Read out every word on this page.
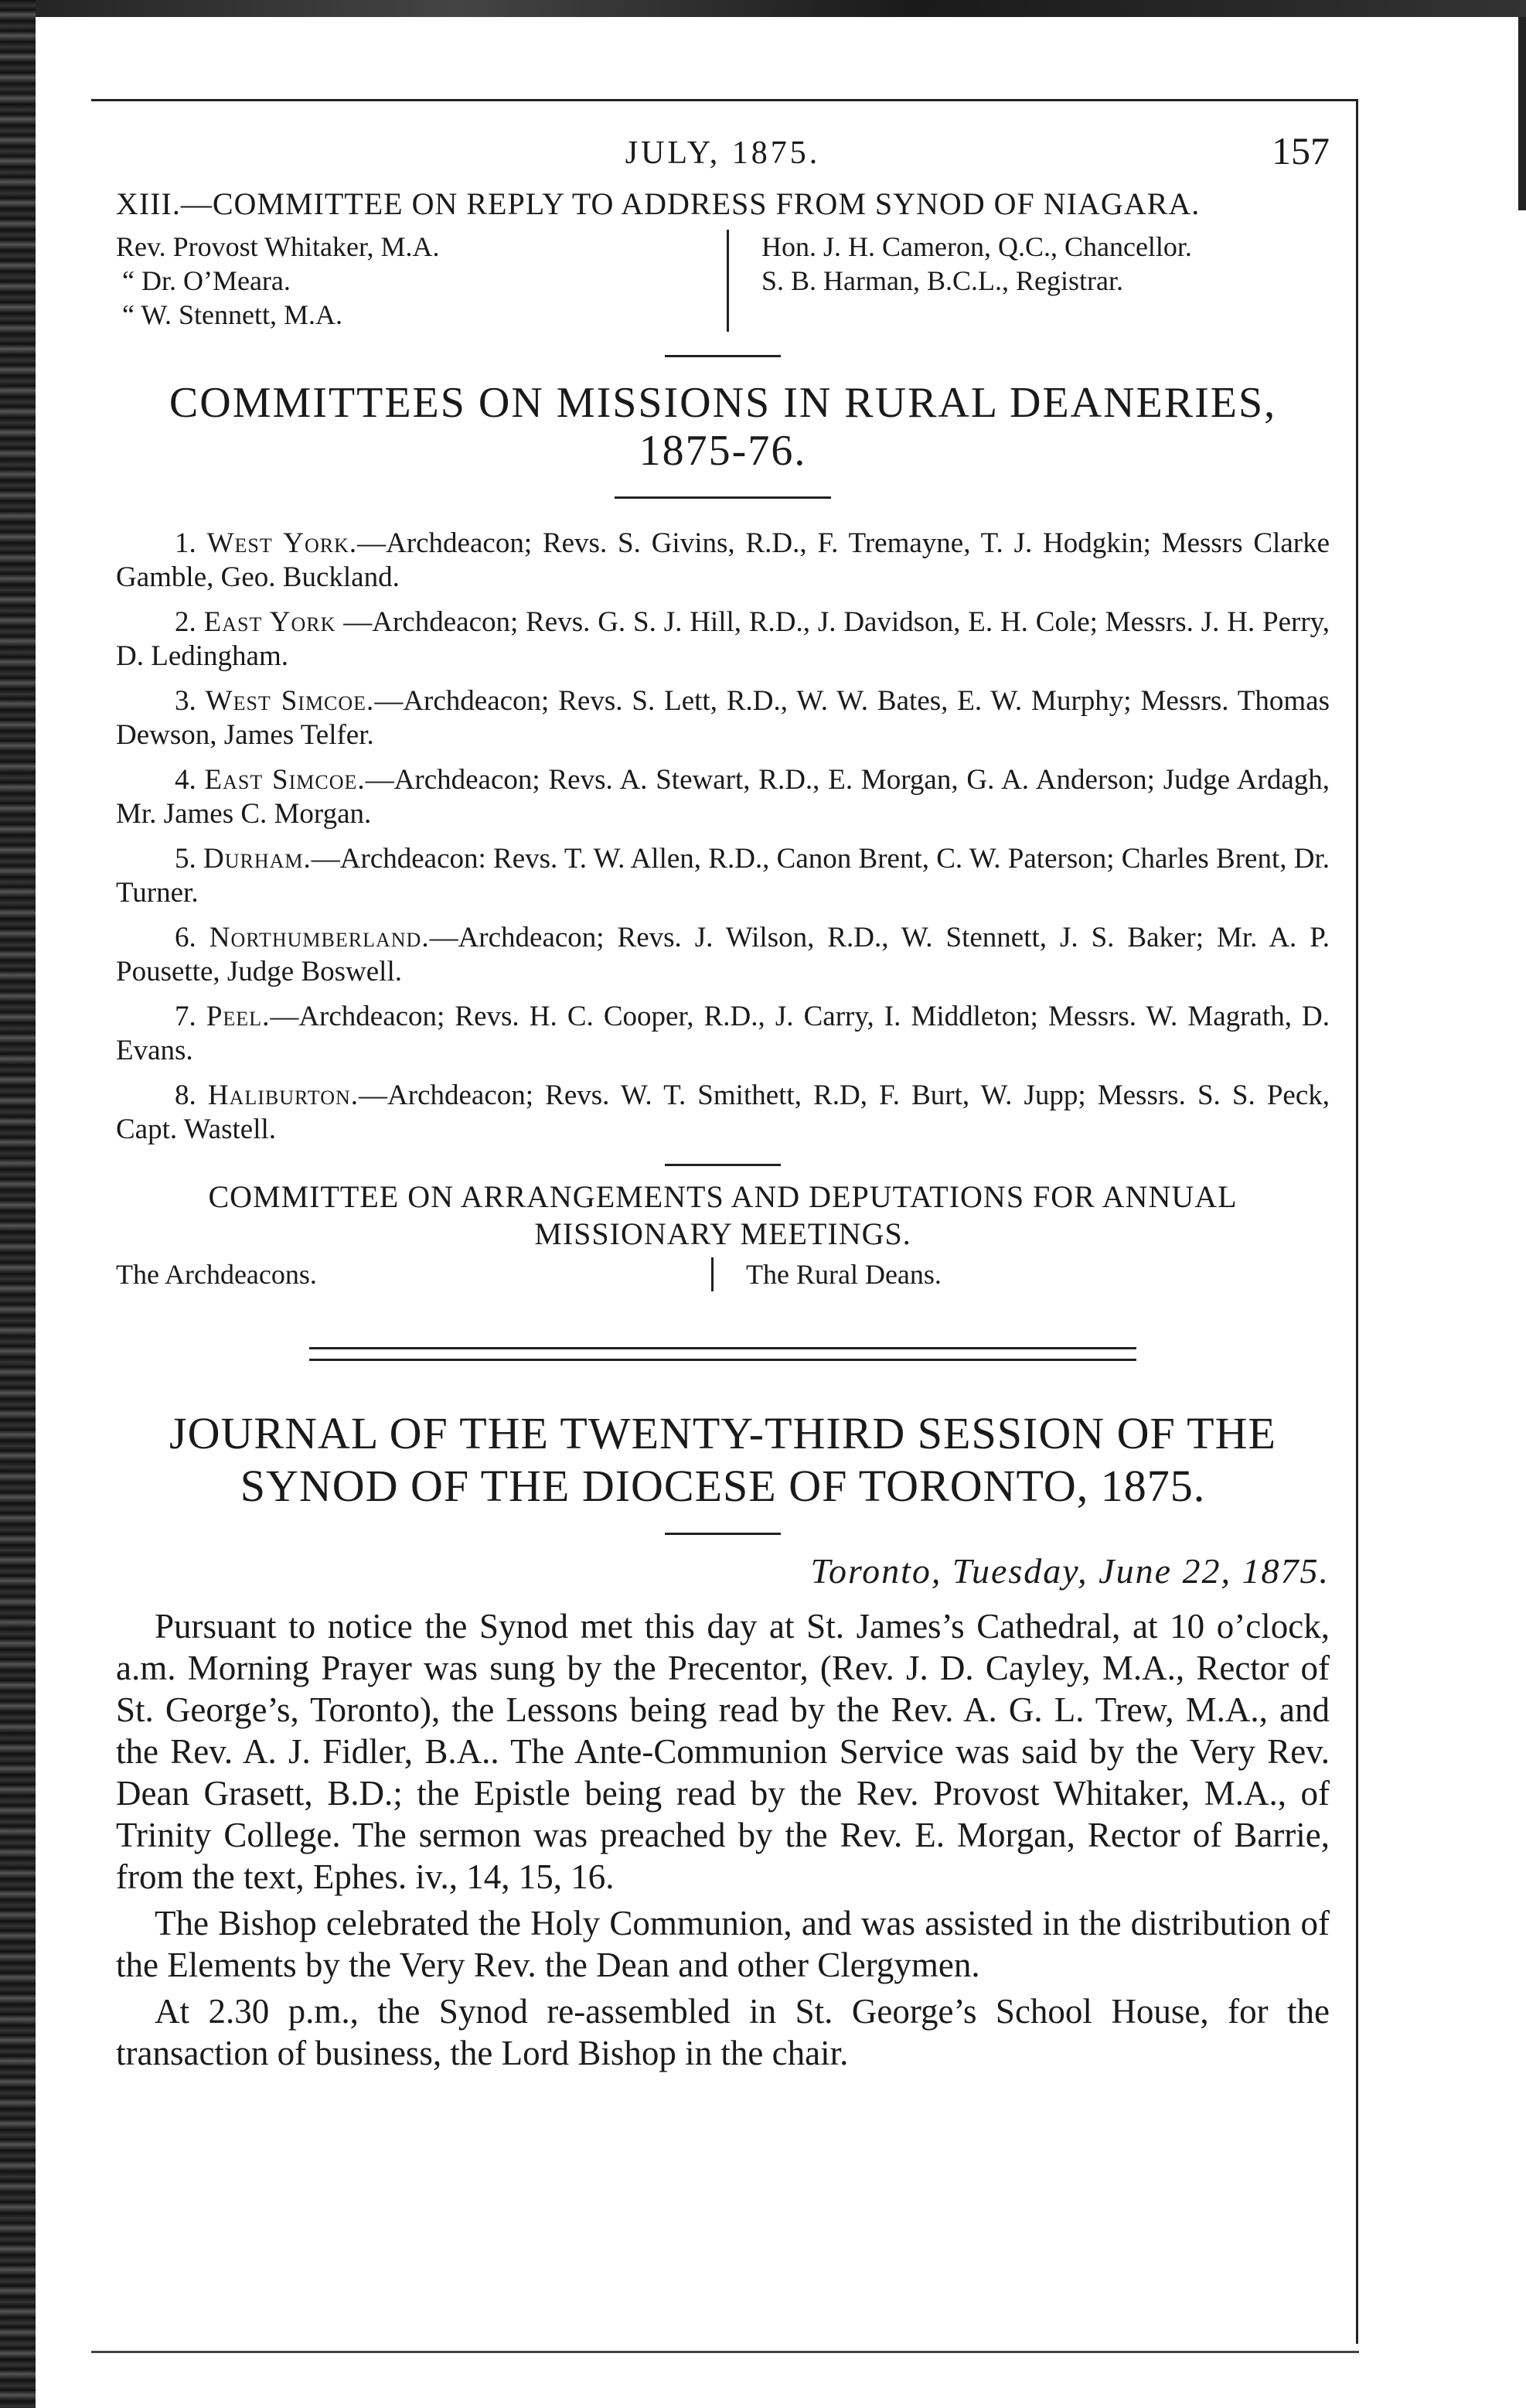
JULY, 1875.	157
XIII.—COMMITTEE ON REPLY TO ADDRESS FROM SYNOD OF NIAGARA.
Rev. Provost Whitaker, M.A.
“ Dr. O’Meara.
“ W. Stennett, M.A.
Hon. J. H. Cameron, Q.C., Chancellor.
S. B. Harman, B.C.L., Registrar.
COMMITTEES ON MISSIONS IN RURAL DEANERIES,
1875-76.
1. West York.—Archdeacon; Revs. S. Givins, R.D., F. Tremayne, T. J. Hodgkin; Messrs Clarke Gamble, Geo. Buckland.
2. East York —Archdeacon; Revs. G. S. J. Hill, R.D., J. Davidson, E. H. Cole; Messrs. J. H. Perry, D. Ledingham.
3. West Simcoe.—Archdeacon; Revs. S. Lett, R.D., W. W. Bates, E. W. Murphy; Messrs. Thomas Dewson, James Telfer.
4. East Simcoe.—Archdeacon; Revs. A. Stewart, R.D., E. Morgan, G. A. Anderson; Judge Ardagh, Mr. James C. Morgan.
5. Durham.—Archdeacon: Revs. T. W. Allen, R.D., Canon Brent, C. W. Paterson; Charles Brent, Dr. Turner.
6. Northumberland.—Archdeacon; Revs. J. Wilson, R.D., W. Stennett, J. S. Baker; Mr. A. P. Pousette, Judge Boswell.
7. Peel.—Archdeacon; Revs. H. C. Cooper, R.D., J. Carry, I. Middleton; Messrs. W. Magrath, D. Evans.
8. Haliburton.—Archdeacon; Revs. W. T. Smithett, R.D, F. Burt, W. Jupp; Messrs. S. S. Peck, Capt. Wastell.
COMMITTEE ON ARRANGEMENTS AND DEPUTATIONS FOR ANNUAL
MISSIONARY MEETINGS.
The Archdeacons.	The Rural Deans.
JOURNAL OF THE TWENTY-THIRD SESSION OF THE
SYNOD OF THE DIOCESE OF TORONTO, 1875.
Toronto, Tuesday, June 22, 1875.

Pursuant to notice the Synod met this day at St. James’s Cathedral, at 10 o’clock, a.m. Morning Prayer was sung by the Precentor, (Rev. J. D. Cayley, M.A., Rector of St. George’s, Toronto), the Lessons being read by the Rev. A. G. L. Trew, M.A., and the Rev. A. J. Fidler, B.A.. The Ante-Communion Service was said by the Very Rev. Dean Grasett, B.D.; the Epistle being read by the Rev. Provost Whitaker, M.A., of Trinity College. The sermon was preached by the Rev. E. Morgan, Rector of Barrie, from the text, Ephes. iv., 14, 15, 16.

The Bishop celebrated the Holy Communion, and was assisted in the distribution of the Elements by the Very Rev. the Dean and other Clergymen.

At 2.30 p.m., the Synod re-assembled in St. George’s School House, for the transaction of business, the Lord Bishop in the chair.
